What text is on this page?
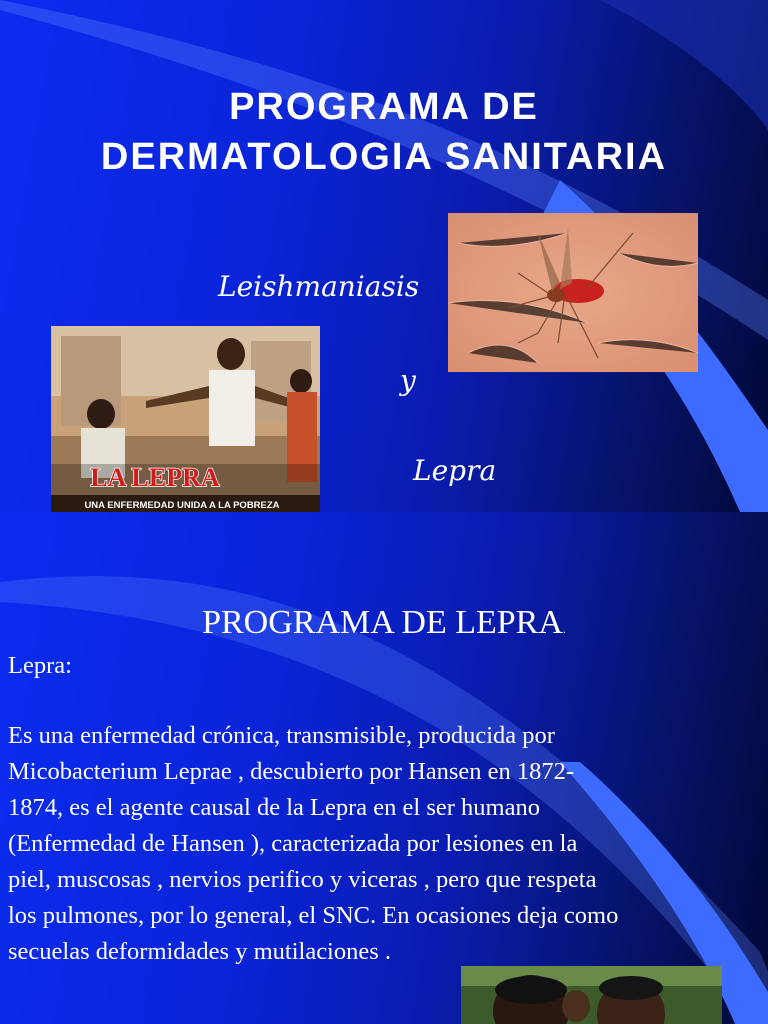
PROGRAMA DE
DERMATOLOGIA SANITARIA
Leishmaniasis
y
Lepra
LA LEPRA
UNA ENFERMEDAD UNIDA A LA POBREZA
PROGRAMA DE LEPRA.
Lepra:
Es una enfermedad crónica, transmisible, producida por
Micobacterium Leprae , descubierto por Hansen en 1872-
1874, es el agente causal de la Lepra en el ser humano
(Enfermedad de Hansen ), caracterizada por lesiones en la
piel, muscosas , nervios perifico y viceras , pero que respeta
los pulmones, por lo general, el SNC. En ocasiones deja como
secuelas deformidades y mutilaciones .
